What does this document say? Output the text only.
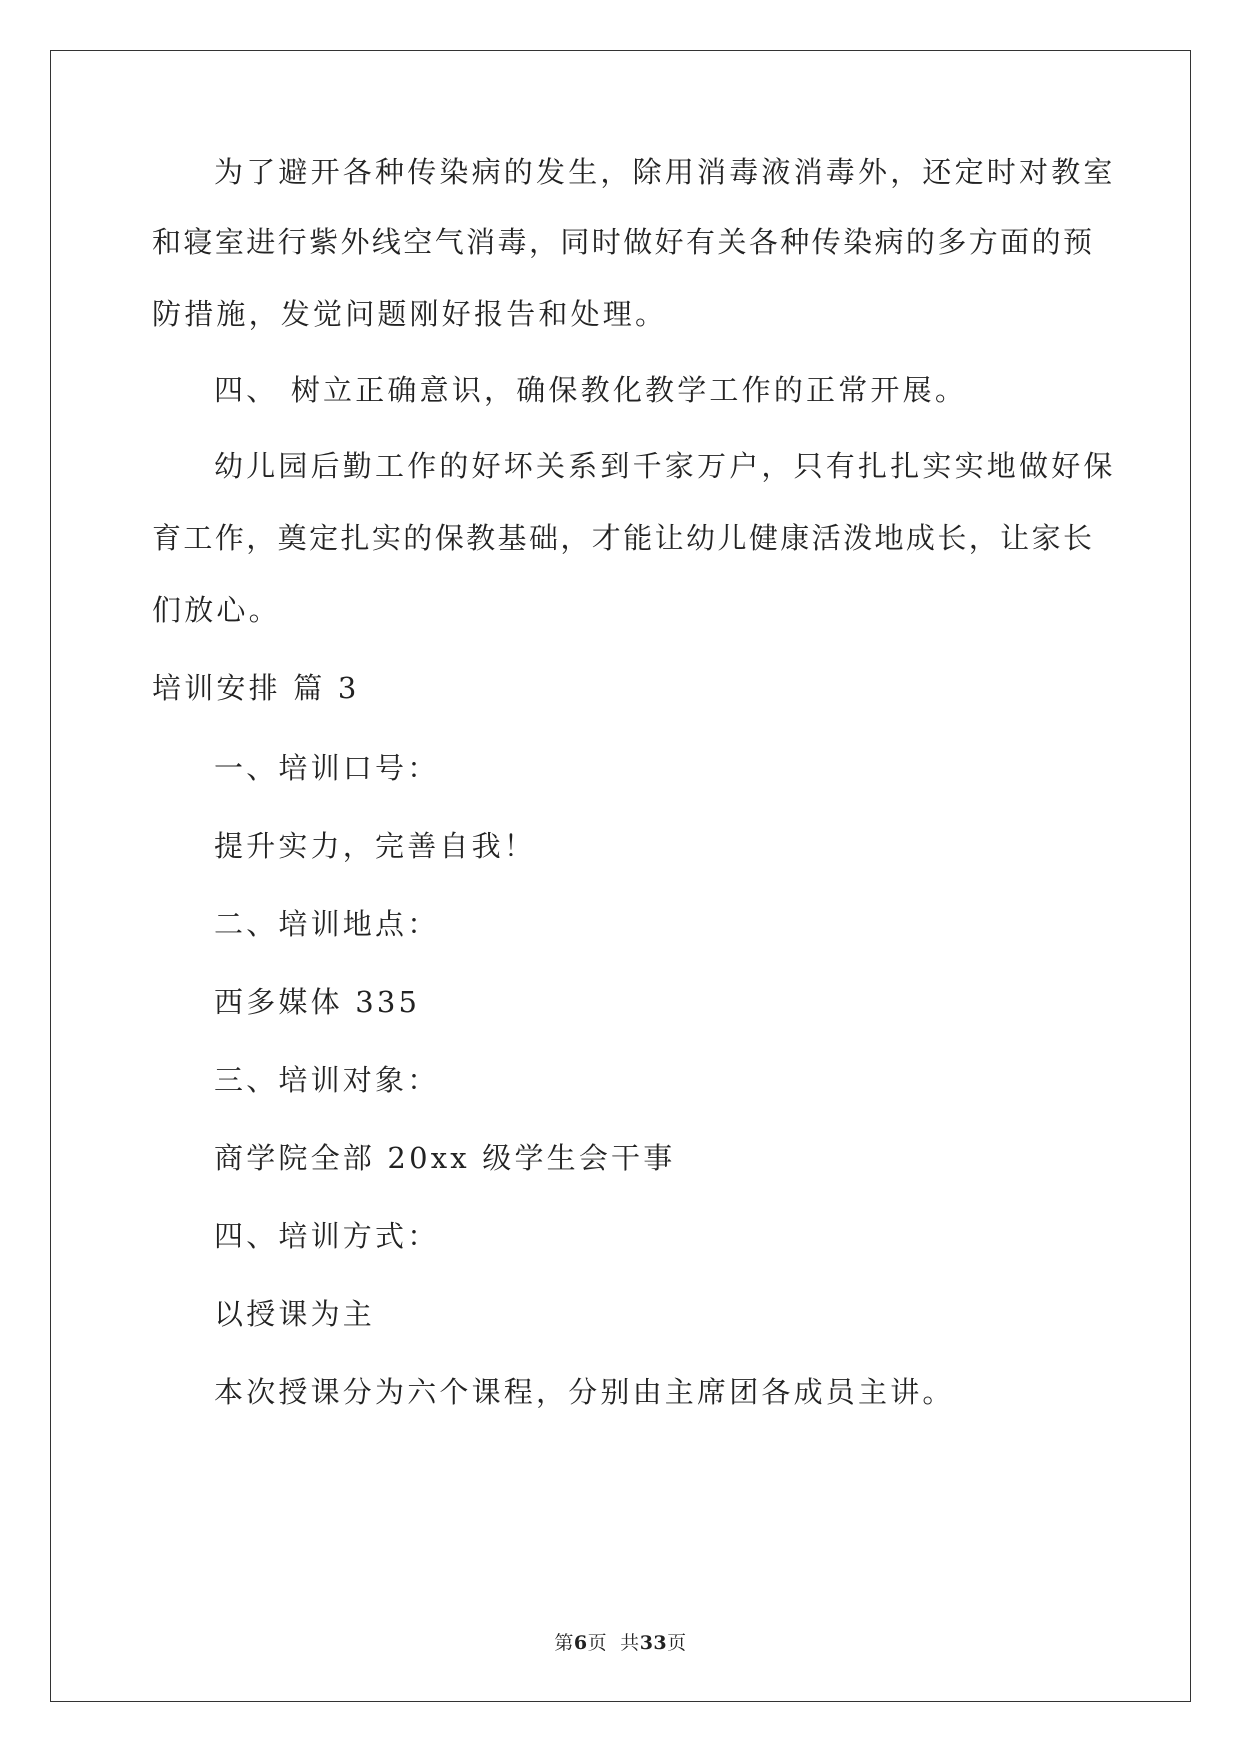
为了避开各种传染病的发生，除用消毒液消毒外，还定时对教室
和寝室进行紫外线空气消毒，同时做好有关各种传染病的多方面的预
防措施，发觉问题刚好报告和处理。
四、 树立正确意识，确保教化教学工作的正常开展。
幼儿园后勤工作的好坏关系到千家万户，只有扎扎实实地做好保
育工作，奠定扎实的保教基础，才能让幼儿健康活泼地成长，让家长
们放心。
培训安排 篇 3
一、培训口号：
提升实力，完善自我！
二、培训地点：
西多媒体 335
三、培训对象：
商学院全部 20xx 级学生会干事
四、培训方式：
以授课为主
本次授课分为六个课程，分别由主席团各成员主讲。
第6页  共33页
